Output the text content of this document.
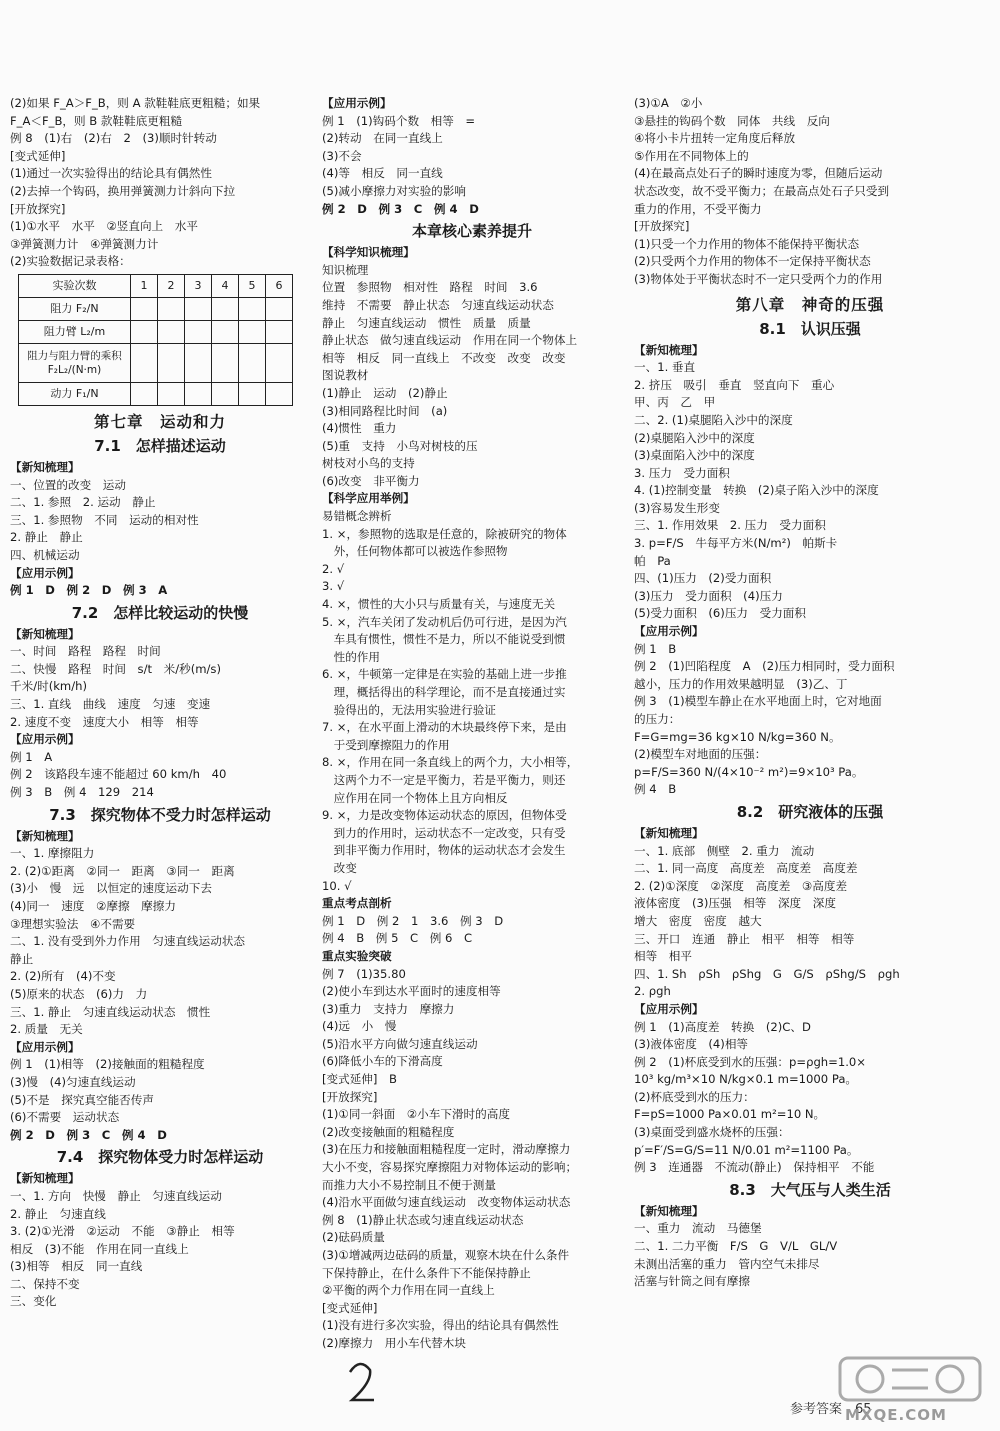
(2)如果 F_A＞F_B，则 A 款鞋鞋底更粗糙；如果
F_A＜F_B，则 B 款鞋鞋底更粗糙
例 8　(1)右　(2)右　2　(3)顺时针转动
[变式延伸]
(1)通过一次实验得出的结论具有偶然性
(2)去掉一个钩码，换用弹簧测力计斜向下拉
[开放探究]
(1)①水平　水平　②竖直向上　水平
③弹簧测力计　④弹簧测力计
(2)实验数据记录表格：
实验次数	1	2	3	4	5	6
阻力 F₂/N						
阻力臂 L₂/m						
阻力与阻力臂的乘积 F₂L₂/(N·m)						
动力 F₁/N						
第七章　运动和力
7.1　怎样描述运动
【新知梳理】
一、位置的改变　运动
二、1. 参照　2. 运动　静止
三、1. 参照物　不同　运动的相对性
2. 静止　静止
四、机械运动
【应用示例】
例 1　D　例 2　D　例 3　A
7.2　怎样比较运动的快慢
【新知梳理】
一、时间　路程　路程　时间
二、快慢　路程　时间　s/t　米/秒(m/s)
千米/时(km/h)
三、1. 直线　曲线　速度　匀速　变速
2. 速度不变　速度大小　相等　相等
【应用示例】
例 1　A
例 2　该路段车速不能超过 60 km/h　40
例 3　B　例 4　129　214
7.3　探究物体不受力时怎样运动
【新知梳理】
一、1. 摩擦阻力
2. (2)①距离　②同一　距离　③同一　距离
(3)小　慢　远　以恒定的速度运动下去
(4)同一　速度　②摩擦　摩擦力
③理想实验法　④不需要
二、1. 没有受到外力作用　匀速直线运动状态
静止
2. (2)所有　(4)不变
(5)原来的状态　(6)力　力
三、1. 静止　匀速直线运动状态　惯性
2. 质量　无关
【应用示例】
例 1　(1)相等　(2)接触面的粗糙程度
(3)慢　(4)匀速直线运动
(5)不是　探究真空能否传声
(6)不需要　运动状态
例 2　D　例 3　C　例 4　D
7.4　探究物体受力时怎样运动
【新知梳理】
一、1. 方向　快慢　静止　匀速直线运动
2. 静止　匀速直线
3. (2)①光滑　②运动　不能　③静止　相等
相反　(3)不能　作用在同一直线上
(3)相等　相反　同一直线
二、保持不变
三、变化
【应用示例】
例 1　(1)钩码个数　相等　=
(2)转动　在同一直线上
(3)不会
(4)等　相反　同一直线
(5)减小摩擦力对实验的影响
例 2　D　例 3　C　例 4　D
本章核心素养提升
【科学知识梳理】
知识梳理
位置　参照物　相对性　路程　时间　3.6
维持　不需要　静止状态　匀速直线运动状态
静止　匀速直线运动　惯性　质量　质量
静止状态　做匀速直线运动　作用在同一个物体上
相等　相反　同一直线上　不改变　改变　改变
图说教材
(1)静止　运动　(2)静止
(3)相同路程比时间　(a)
(4)惯性　重力
(5)重　支持　小鸟对树枝的压
树枝对小鸟的支持
(6)改变　非平衡力
【科学应用举例】
易错概念辨析
1. ×，参照物的选取是任意的，除被研究的物体
　外，任何物体都可以被选作参照物
2. √
3. √
4. ×，惯性的大小只与质量有关，与速度无关
5. ×，汽车关闭了发动机后仍可行进，是因为汽
　车具有惯性，惯性不是力，所以不能说受到惯
　性的作用
6. ×，牛顿第一定律是在实验的基础上进一步推
　理，概括得出的科学理论，而不是直接通过实
　验得出的，无法用实验进行验证
7. ×，在水平面上滑动的木块最终停下来，是由
　于受到摩擦阻力的作用
8. ×，作用在同一条直线上的两个力，大小相等，
　这两个力不一定是平衡力，若是平衡力，则还
　应作用在同一个物体上且方向相反
9. ×，力是改变物体运动状态的原因，但物体受
　到力的作用时，运动状态不一定改变，只有受
　到非平衡力作用时，物体的运动状态才会发生
　改变
10. √
重点考点剖析
例 1　D　例 2　1　3.6　例 3　D
例 4　B　例 5　C　例 6　C
重点实验突破
例 7　(1)35.80
(2)使小车到达水平面时的速度相等
(3)重力　支持力　摩擦力
(4)远　小　慢
(5)沿水平方向做匀速直线运动
(6)降低小车的下滑高度
[变式延伸]　B
[开放探究]
(1)①同一斜面　②小车下滑时的高度
(2)改变接触面的粗糙程度
(3)在压力和接触面粗糙程度一定时，滑动摩擦力
大小不变，容易探究摩擦阻力对物体运动的影响；
而推力大小不易控制且不便于测量
(4)沿水平面做匀速直线运动　改变物体运动状态
例 8　(1)静止状态或匀速直线运动状态
(2)砝码质量
(3)①增减两边砝码的质量，观察木块在什么条件
下保持静止，在什么条件下不能保持静止
②平衡的两个力作用在同一直线上
[变式延伸]
(1)没有进行多次实验，得出的结论具有偶然性
(2)摩擦力　用小车代替木块
(3)①A　②小
③悬挂的钩码个数　同体　共线　反向
④将小卡片扭转一定角度后释放
⑤作用在不同物体上的
(4)在最高点处石子的瞬时速度为零，但随后运动
状态改变，故不受平衡力；在最高点处石子只受到
重力的作用，不受平衡力
[开放探究]
(1)只受一个力作用的物体不能保持平衡状态
(2)只受两个力作用的物体不一定保持平衡状态
(3)物体处于平衡状态时不一定只受两个力的作用
第八章　神奇的压强
8.1　认识压强
【新知梳理】
一、1. 垂直
2. 挤压　吸引　垂直　竖直向下　重心
甲、丙　乙　甲
二、2. (1)桌腿陷入沙中的深度
(2)桌腿陷入沙中的深度
(3)桌面陷入沙中的深度
3. 压力　受力面积
4. (1)控制变量　转换　(2)桌子陷入沙中的深度
(3)容易发生形变
三、1. 作用效果　2. 压力　受力面积
3. p=F/S　牛每平方米(N/m²)　帕斯卡
帕　Pa
四、(1)压力　(2)受力面积
(3)压力　受力面积　(4)压力
(5)受力面积　(6)压力　受力面积
【应用示例】
例 1　B
例 2　(1)凹陷程度　A　(2)压力相同时，受力面积
越小，压力的作用效果越明显　(3)乙、丁
例 3　(1)模型车静止在水平地面上时，它对地面
的压力：
F=G=mg=36 kg×10 N/kg=360 N。
(2)模型车对地面的压强：
p=F/S=360 N/(4×10⁻² m²)=9×10³ Pa。
例 4　B
8.2　研究液体的压强
【新知梳理】
一、1. 底部　侧壁　2. 重力　流动
二、1. 同一高度　高度差　高度差　高度差
2. (2)①深度　②深度　高度差　③高度差
液体密度　(3)压强　相等　深度　深度
增大　密度　密度　越大
三、开口　连通　静止　相平　相等　相等
相等　相平
四、1. Sh　ρSh　ρShg　G　G/S　ρShg/S　ρgh
2. ρgh
【应用示例】
例 1　(1)高度差　转换　(2)C、D
(3)液体密度　(4)相等
例 2　(1)杯底受到水的压强：p=ρgh=1.0×
10³ kg/m³×10 N/kg×0.1 m=1000 Pa。
(2)杯底受到水的压力：
F=pS=1000 Pa×0.01 m²=10 N。
(3)桌面受到盛水烧杯的压强：
p′=F′/S=G/S=11 N/0.01 m²=1100 Pa。
例 3　连通器　不流动(静止)　保持相平　不能
8.3　大气压与人类生活
【新知梳理】
一、重力　流动　马德堡
二、1. 二力平衡　F/S　G　V/L　GL/V
未测出活塞的重力　管内空气未排尽
活塞与针筒之间有摩擦
参考答案　65
MXQE.COM
